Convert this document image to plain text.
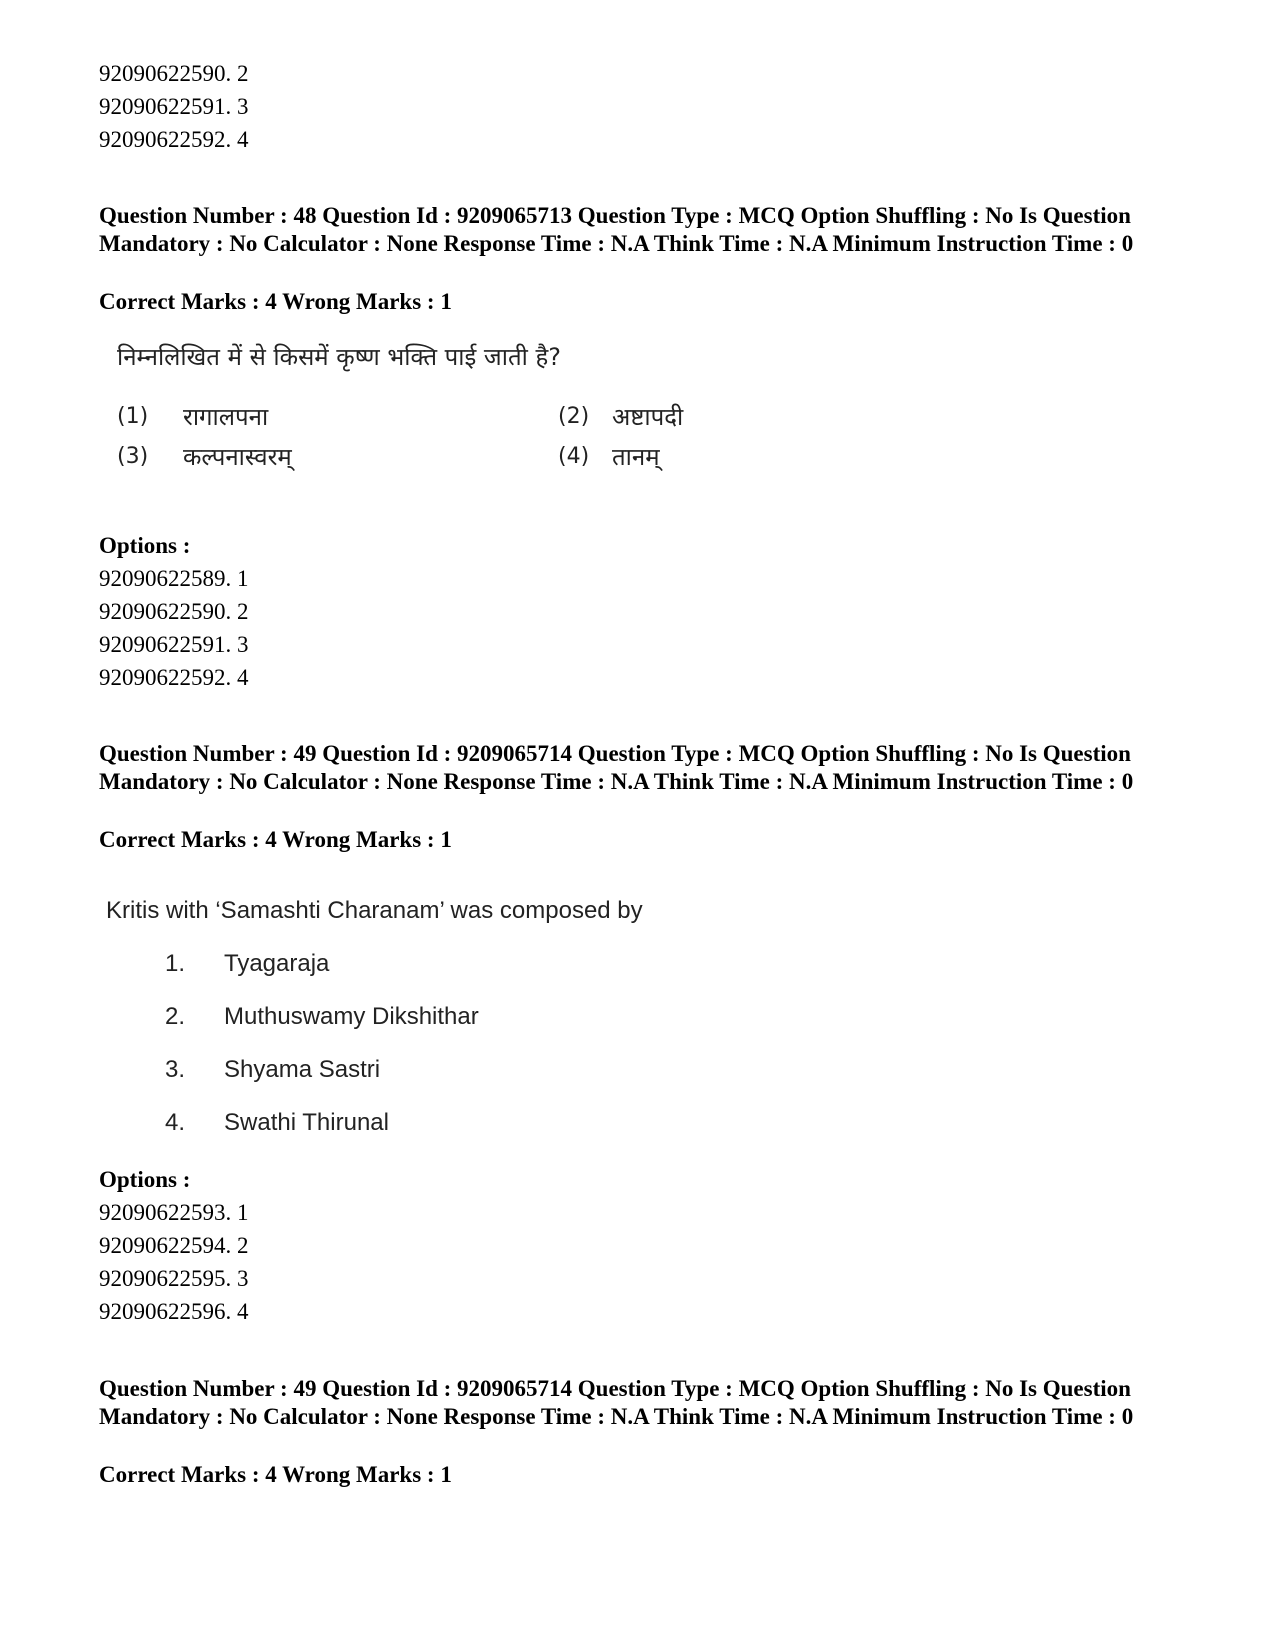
92090622590. 2
92090622591. 3
92090622592. 4
Question Number : 48 Question Id : 9209065713 Question Type : MCQ Option Shuffling : No Is Question Mandatory : No Calculator : None Response Time : N.A Think Time : N.A Minimum Instruction Time : 0
Correct Marks : 4 Wrong Marks : 1
निम्नलिखित में से किसमें कृष्ण भक्ति पाई जाती है?
(1) रागालपना	(2) अष्टापदी
(3) कल्पनास्वरम्	(4) तानम्
Options :
92090622589. 1
92090622590. 2
92090622591. 3
92090622592. 4
Question Number : 49 Question Id : 9209065714 Question Type : MCQ Option Shuffling : No Is Question Mandatory : No Calculator : None Response Time : N.A Think Time : N.A Minimum Instruction Time : 0
Correct Marks : 4 Wrong Marks : 1
Kritis with ‘Samashti Charanam’ was composed by
1. Tyagaraja
2. Muthuswamy Dikshithar
3. Shyama Sastri
4. Swathi Thirunal
Options :
92090622593. 1
92090622594. 2
92090622595. 3
92090622596. 4
Question Number : 49 Question Id : 9209065714 Question Type : MCQ Option Shuffling : No Is Question Mandatory : No Calculator : None Response Time : N.A Think Time : N.A Minimum Instruction Time : 0
Correct Marks : 4 Wrong Marks : 1
